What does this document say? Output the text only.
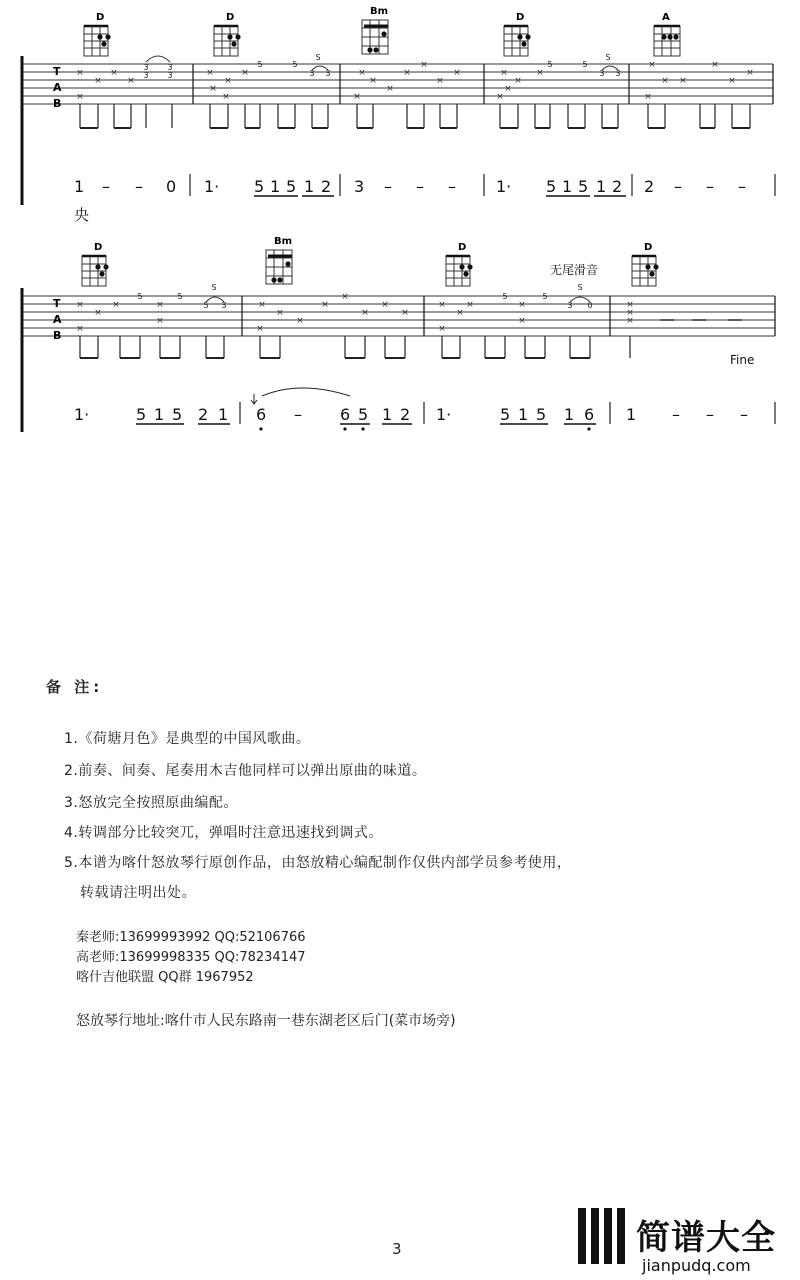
T
A
B
D	D
Bm
D	A
×
×
×
×
×
×
×	×
×
×
×
×
×
×
×
×
×
×
×
×
×	×
×
×
× ×
×
×
×
×
3
3
3
3
5	5
3 3
S
5	5
3 3
S
1 – – 0 1· 5 1 5 1 2 3 – – –	1· 5 1 5 1 2 2 – – –
央
T
A
B
D
Bm
D	D
无尾滑音
×
×
×	×	×
×
×
×
×
×
×
×
×
×
×
×
×
× ×	×
×
×
×
×
5	5
5 3
S
5	5
3 0
S
Fine
1·	5 1 5 2 1 6 – 6 5 1 2 1·	5 1 5 1 6 1 – – –
备 注:
1.《荷塘月色》是典型的中国风歌曲。
2.前奏、间奏、尾奏用木吉他同样可以弹出原曲的味道。
3.怒放完全按照原曲编配。
4.转调部分比较突兀，弹唱时注意迅速找到调式。
5.本谱为喀什怒放琴行原创作品，由怒放精心编配制作仅供内部学员参考使用，
转载请注明出处。
秦老师:13699993992 QQ:52106766
高老师:13699998335 QQ:78234147
喀什吉他联盟 QQ群 1967952
怒放琴行地址:喀什市人民东路南一巷东湖老区后门(菜市场旁)
3	简谱大全
jianpudq.com
